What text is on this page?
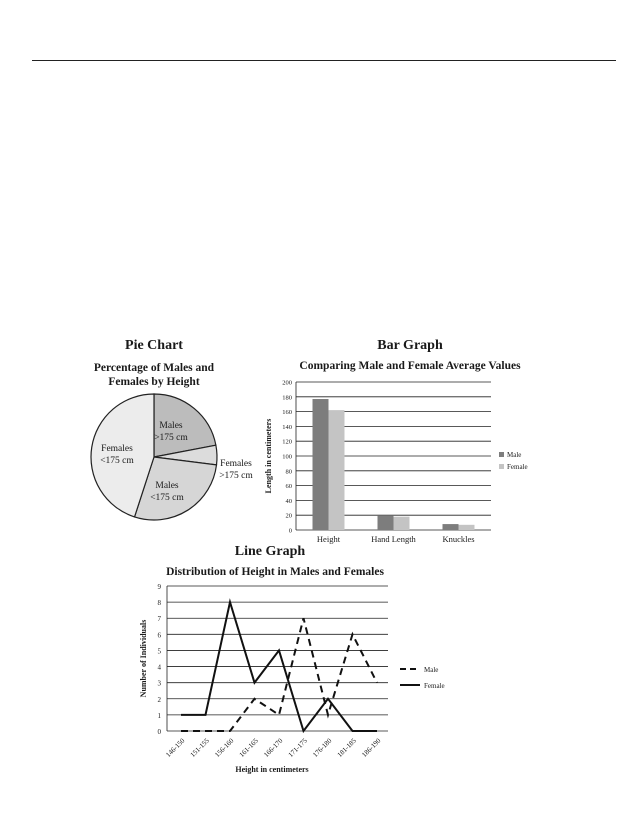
Pie Chart
Percentage of Males and
Females by Height
Males
>175 cm
Females
>175 cm
Males
<175 cm
Females
<175 cm
Bar Graph
Comparing Male and Female Average Values
0
20
40
60
80
100
120
140
160
180
200
Length in centimeters
Height	Hand Length	Knuckles
Male
Female
Line Graph
Distribution of Height in Males and Females
0
1
2
3
4
5
6
7
8
9
Number of Individuals
146-150 151-155 156-160 161-165 166-170 171-175 176-180 181-185 186-190
Height in centimeters
Male
Female
